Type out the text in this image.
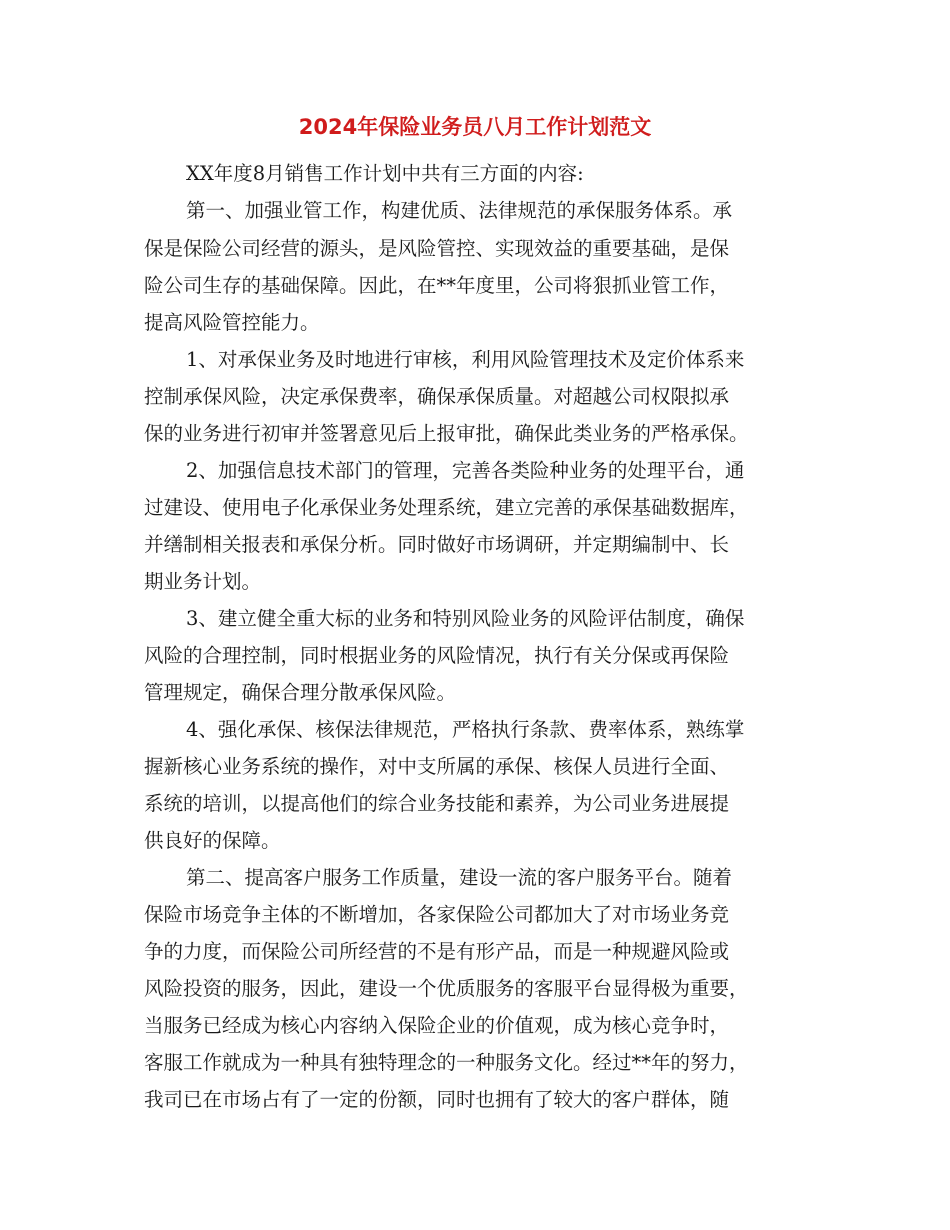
2024年保险业务员八月工作计划范文

XX年度8月销售工作计划中共有三方面的内容:

第一、加强业管工作，构建优质、法律规范的承保服务体系。承

保是保险公司经营的源头，是风险管控、实现效益的重要基础，是保

险公司生存的基础保障。因此，在**年度里，公司将狠抓业管工作，

提高风险管控能力。

1、对承保业务及时地进行审核，利用风险管理技术及定价体系来

控制承保风险，决定承保费率，确保承保质量。对超越公司权限拟承

保的业务进行初审并签署意见后上报审批，确保此类业务的严格承保。

2、加强信息技术部门的管理，完善各类险种业务的处理平台，通

过建设、使用电子化承保业务处理系统，建立完善的承保基础数据库，

并缮制相关报表和承保分析。同时做好市场调研，并定期编制中、长

期业务计划。

3、建立健全重大标的业务和特别风险业务的风险评估制度，确保

风险的合理控制，同时根据业务的风险情况，执行有关分保或再保险

管理规定，确保合理分散承保风险。

4、强化承保、核保法律规范，严格执行条款、费率体系，熟练掌

握新核心业务系统的操作，对中支所属的承保、核保人员进行全面、

系统的培训，以提高他们的综合业务技能和素养，为公司业务进展提

供良好的保障。

第二、提高客户服务工作质量，建设一流的客户服务平台。随着

保险市场竞争主体的不断增加，各家保险公司都加大了对市场业务竞

争的力度，而保险公司所经营的不是有形产品，而是一种规避风险或

风险投资的服务，因此，建设一个优质服务的客服平台显得极为重要，

当服务已经成为核心内容纳入保险企业的价值观，成为核心竞争时，

客服工作就成为一种具有独特理念的一种服务文化。经过**年的努力，

我司已在市场占有了一定的份额，同时也拥有了较大的客户群体，随
